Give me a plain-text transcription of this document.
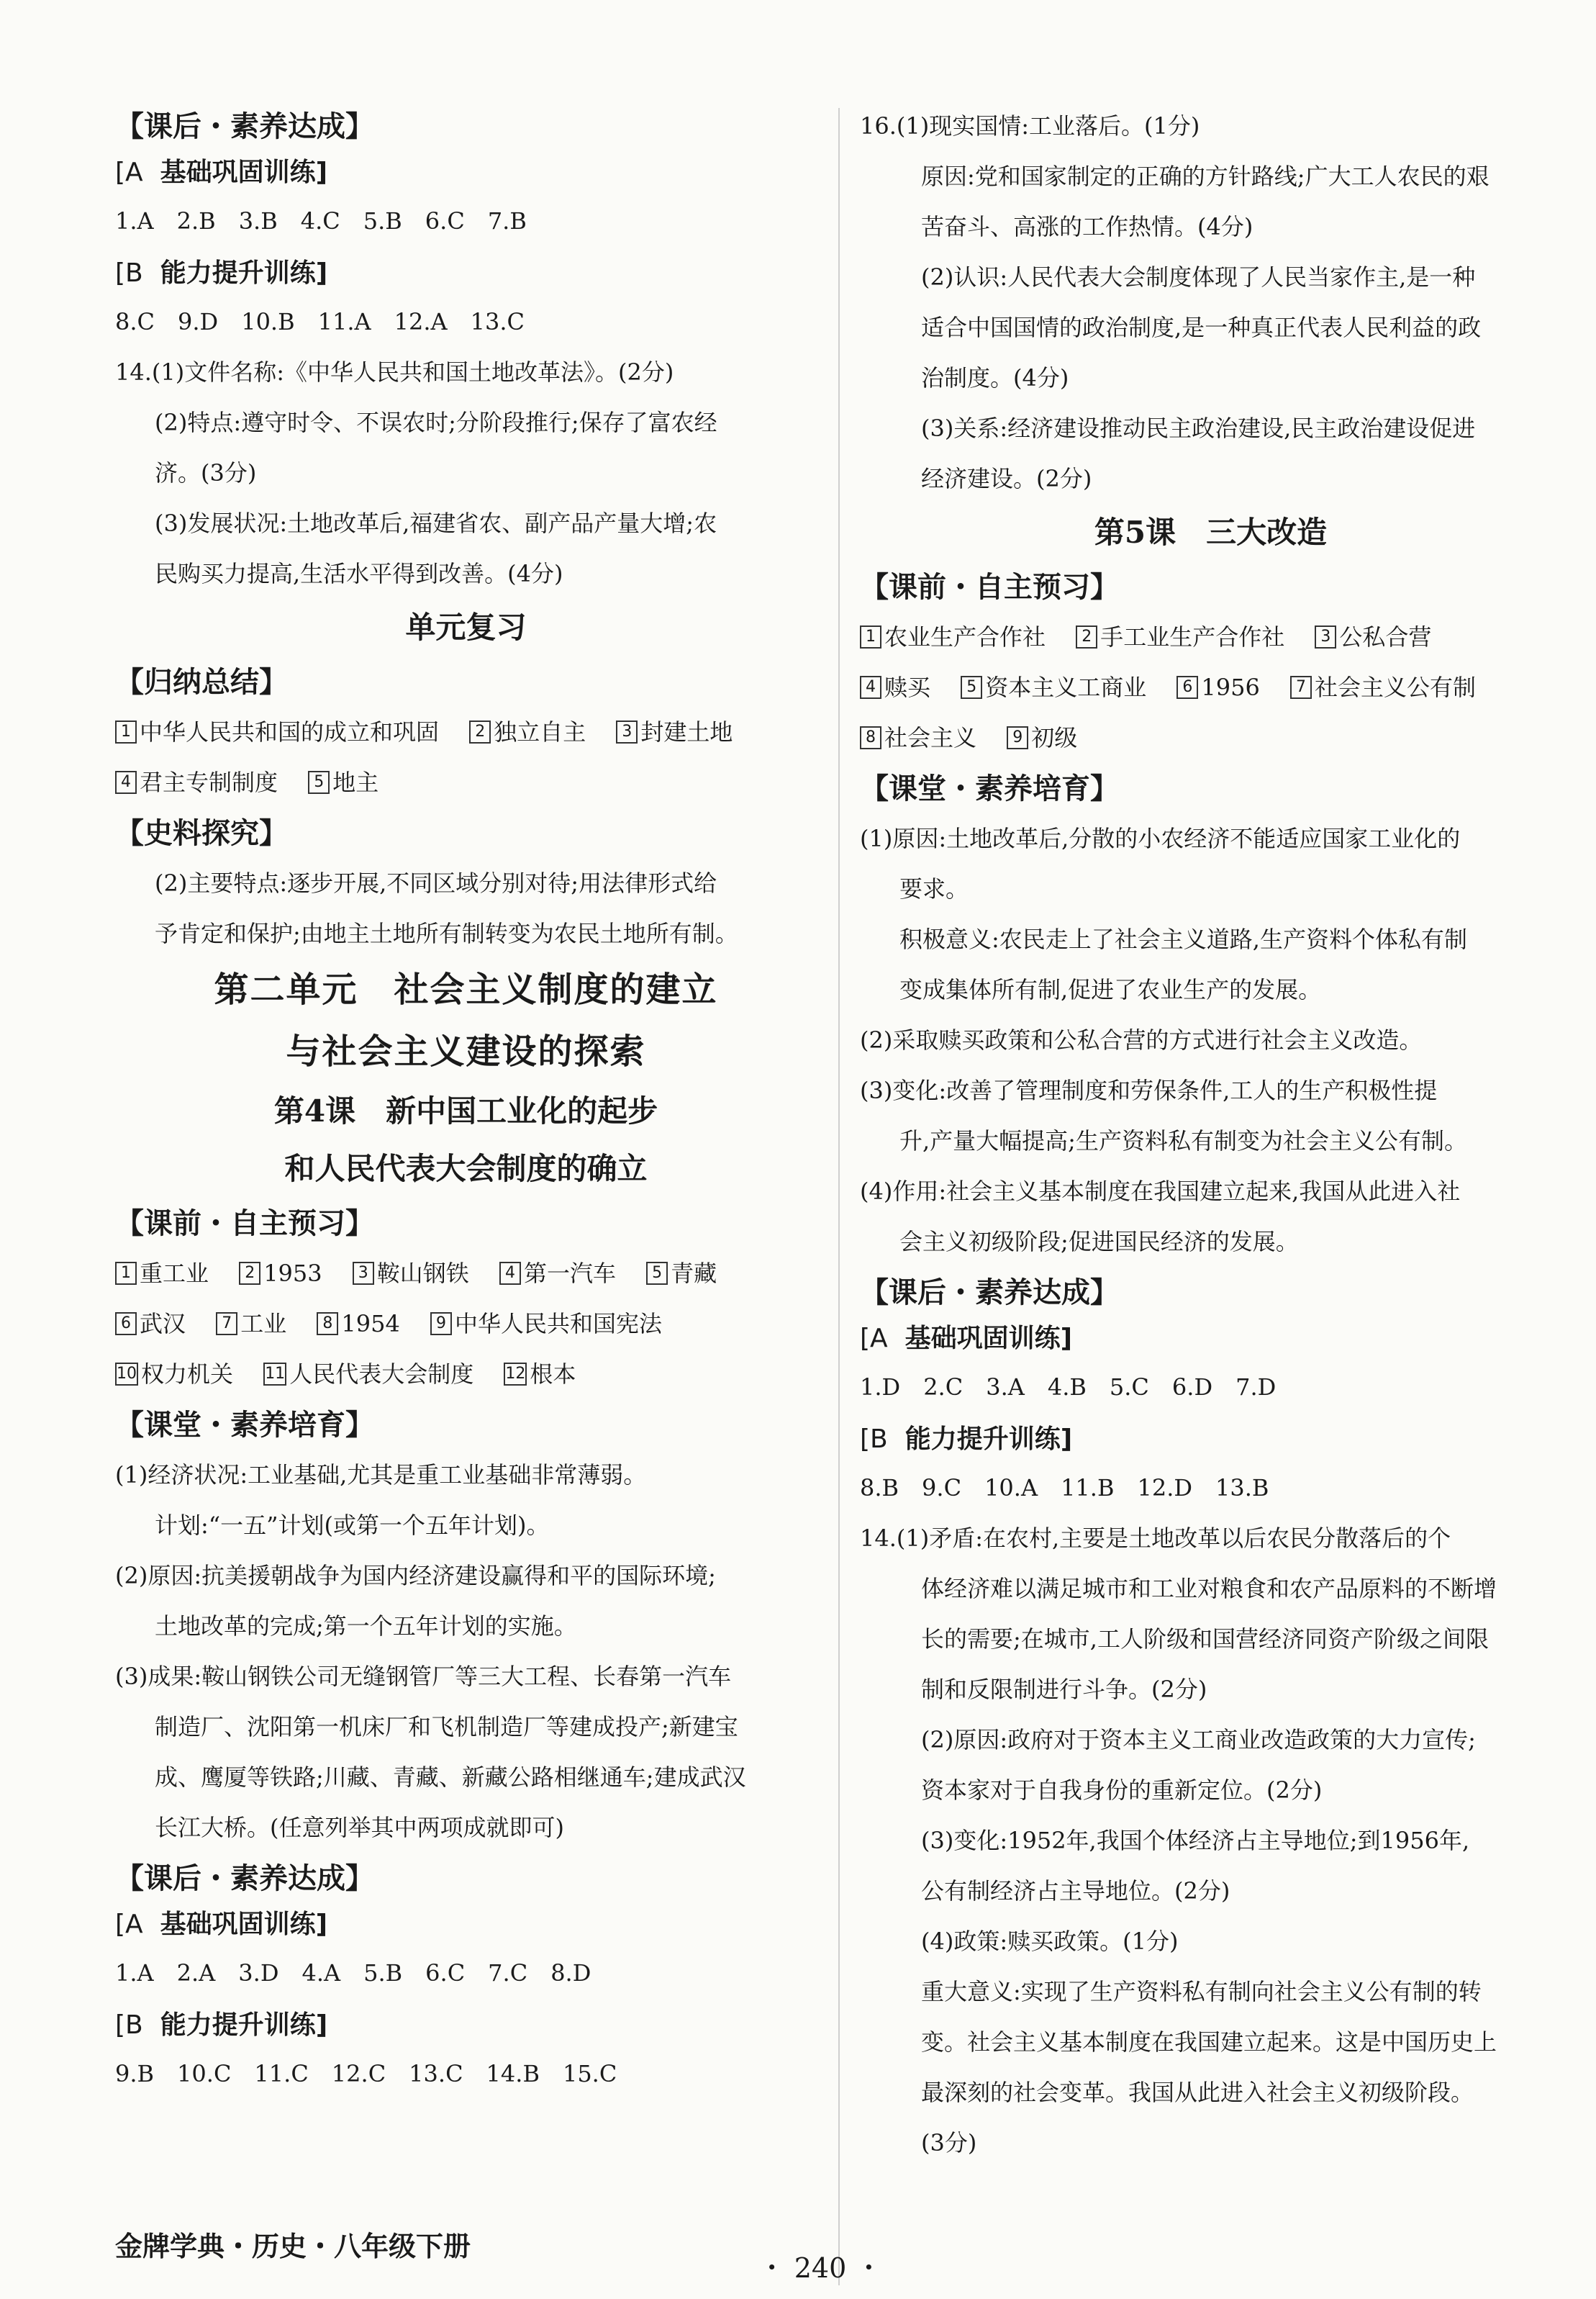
【课后・素养达成】
[A 基础巩固训练]
1.A　2.B　3.B　4.C　5.B　6.C　7.B
[B 能力提升训练]
8.C　9.D　10.B　11.A　12.A　13.C
14.(1)文件名称:《中华人民共和国土地改革法》。(2分)
(2)特点:遵守时令、不误农时;分阶段推行;保存了富农经
济。(3分)
(3)发展状况:土地改革后,福建省农、副产品产量大增;农
民购买力提高,生活水平得到改善。(4分)
单元复习
【归纳总结】
1 中华人民共和国的成立和巩固 2 独立自主 3 封建土地
4 君主专制制度 5 地主
【史料探究】
(2)主要特点:逐步开展,不同区域分别对待;用法律形式给
予肯定和保护;由地主土地所有制转变为农民土地所有制。
第二单元　社会主义制度的建立
与社会主义建设的探索
第4课　新中国工业化的起步
和人民代表大会制度的确立
【课前・自主预习】
1 重工业 2 1953 3 鞍山钢铁 4 第一汽车 5 青藏
6 武汉 7 工业 8 1954 9 中华人民共和国宪法
10 权力机关 11 人民代表大会制度 12 根本
【课堂・素养培育】
(1)经济状况:工业基础,尤其是重工业基础非常薄弱。
计划:“一五”计划(或第一个五年计划)。
(2)原因:抗美援朝战争为国内经济建设赢得和平的国际环境;
土地改革的完成;第一个五年计划的实施。
(3)成果:鞍山钢铁公司无缝钢管厂等三大工程、长春第一汽车
制造厂、沈阳第一机床厂和飞机制造厂等建成投产;新建宝
成、鹰厦等铁路;川藏、青藏、新藏公路相继通车;建成武汉
长江大桥。(任意列举其中两项成就即可)
【课后・素养达成】
[A 基础巩固训练]
1.A　2.A　3.D　4.A　5.B　6.C　7.C　8.D
[B 能力提升训练]
9.B　10.C　11.C　12.C　13.C　14.B　15.C
16.(1)现实国情:工业落后。(1分)
原因:党和国家制定的正确的方针路线;广大工人农民的艰
苦奋斗、高涨的工作热情。(4分)
(2)认识:人民代表大会制度体现了人民当家作主,是一种
适合中国国情的政治制度,是一种真正代表人民利益的政
治制度。(4分)
(3)关系:经济建设推动民主政治建设,民主政治建设促进
经济建设。(2分)
第5课　三大改造
【课前・自主预习】
1 农业生产合作社 2 手工业生产合作社 3 公私合营
4 赎买 5 资本主义工商业 6 1956 7 社会主义公有制
8 社会主义 9 初级
【课堂・素养培育】
(1)原因:土地改革后,分散的小农经济不能适应国家工业化的
要求。
积极意义:农民走上了社会主义道路,生产资料个体私有制
变成集体所有制,促进了农业生产的发展。
(2)采取赎买政策和公私合营的方式进行社会主义改造。
(3)变化:改善了管理制度和劳保条件,工人的生产积极性提
升,产量大幅提高;生产资料私有制变为社会主义公有制。
(4)作用:社会主义基本制度在我国建立起来,我国从此进入社
会主义初级阶段;促进国民经济的发展。
【课后・素养达成】
[A 基础巩固训练]
1.D　2.C　3.A　4.B　5.C　6.D　7.D
[B 能力提升训练]
8.B　9.C　10.A　11.B　12.D　13.B
14.(1)矛盾:在农村,主要是土地改革以后农民分散落后的个
体经济难以满足城市和工业对粮食和农产品原料的不断增
长的需要;在城市,工人阶级和国营经济同资产阶级之间限
制和反限制进行斗争。(2分)
(2)原因:政府对于资本主义工商业改造政策的大力宣传;
资本家对于自我身份的重新定位。(2分)
(3)变化:1952年,我国个体经济占主导地位;到1956年,
公有制经济占主导地位。(2分)
(4)政策:赎买政策。(1分)
重大意义:实现了生产资料私有制向社会主义公有制的转
变。社会主义基本制度在我国建立起来。这是中国历史上
最深刻的社会变革。我国从此进入社会主义初级阶段。
(3分)
金牌学典・历史・八年级下册
・ 240 ・
